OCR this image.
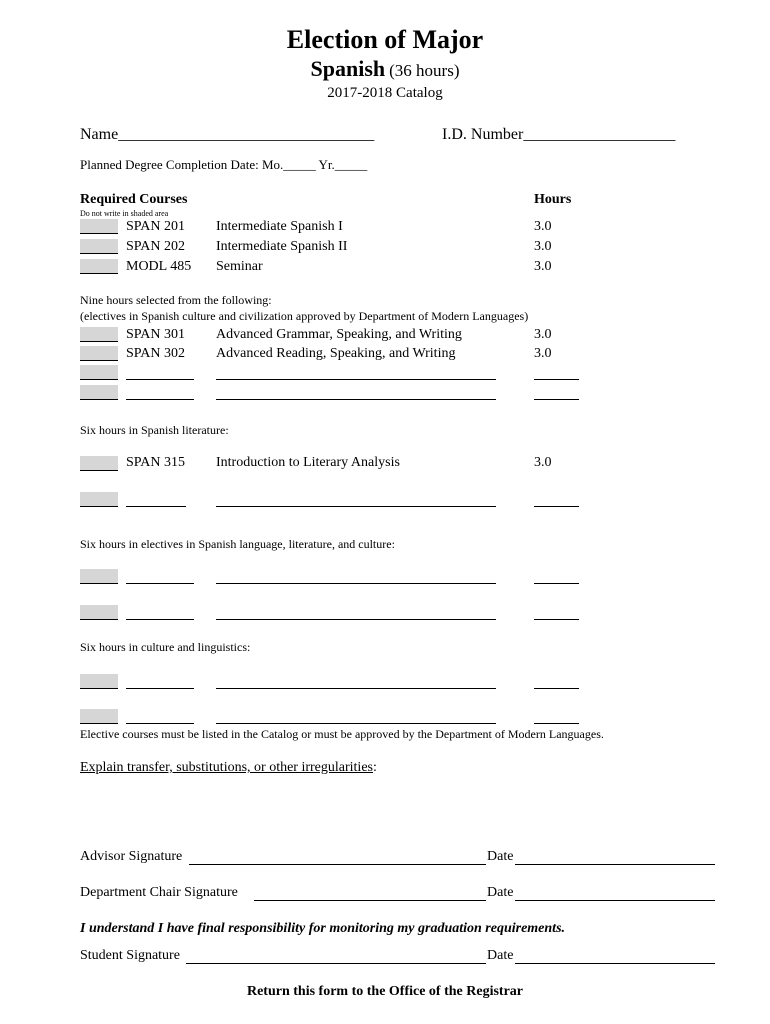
Election of Major
Spanish (36 hours)
2017-2018 Catalog
Name________________________________	I.D. Number___________________
Planned Degree Completion Date: Mo._____ Yr._____
Required Courses	Hours
Do not write in shaded area
SPAN 201 Intermediate Spanish I	3.0
SPAN 202 Intermediate Spanish II	3.0
MODL 485 Seminar	3.0
Nine hours selected from the following:
(electives in Spanish culture and civilization approved by Department of Modern Languages)
SPAN 301 Advanced Grammar, Speaking, and Writing	3.0
SPAN 302 Advanced Reading, Speaking, and Writing	3.0
Six hours in Spanish literature:
SPAN 315 Introduction to Literary Analysis	3.0
Six hours in electives in Spanish language, literature, and culture:
Six hours in culture and linguistics:
Elective courses must be listed in the Catalog or must be approved by the Department of Modern Languages.
Explain transfer, substitutions, or other irregularities:
Advisor Signature	Date
Department Chair Signature	Date
I understand I have final responsibility for monitoring my graduation requirements.
Student Signature	Date
Return this form to the Office of the Registrar
